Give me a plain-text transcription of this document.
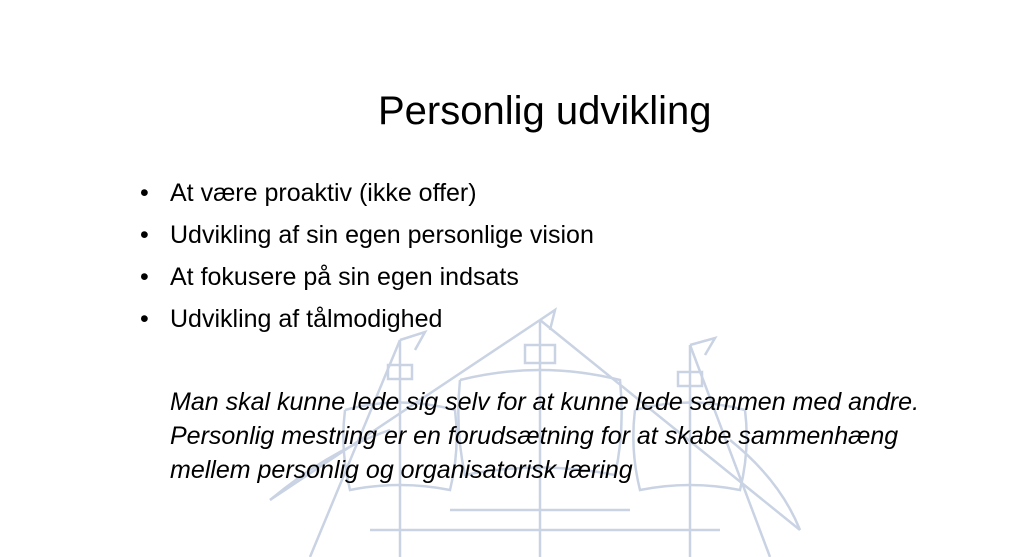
Personlig udvikling
• At være proaktiv (ikke offer)
• Udvikling af sin egen personlige vision
• At fokusere på sin egen indsats
• Udvikling af tålmodighed
Man skal kunne lede sig selv for at kunne lede sammen med andre. Personlig mestring er en forudsætning for at skabe sammenhæng mellem personlig og organisatorisk læring
